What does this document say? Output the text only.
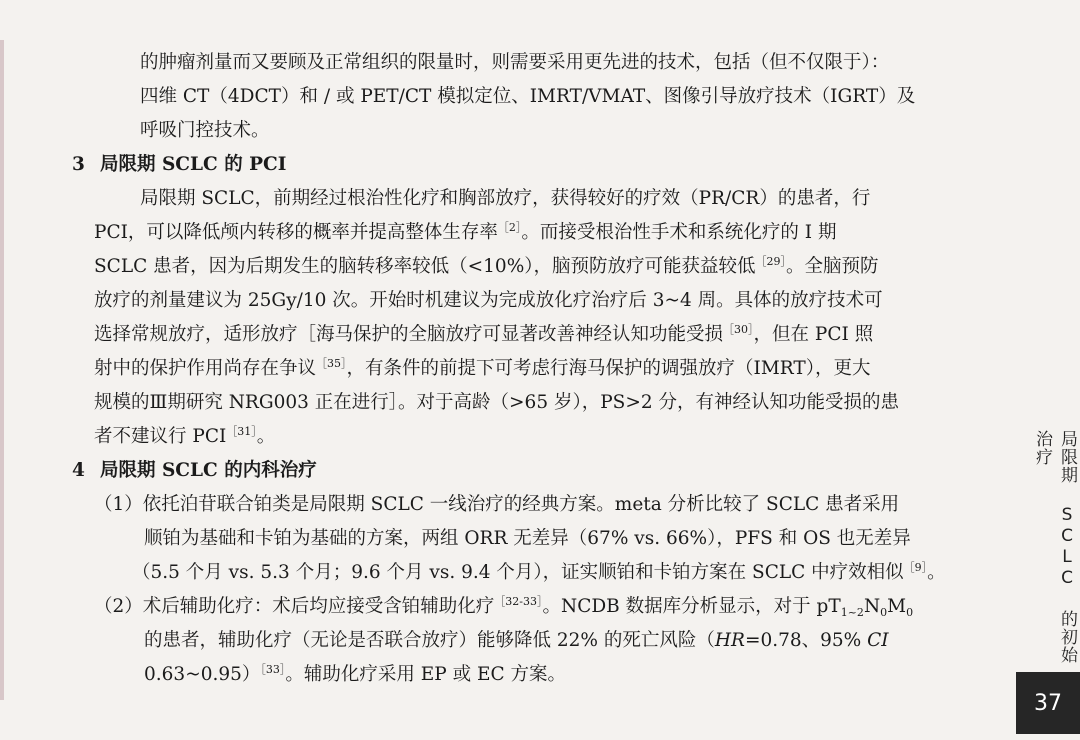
的肿瘤剂量而又要顾及正常组织的限量时，则需要采用更先进的技术，包括（但不仅限于）：
四维 CT（4DCT）和 / 或 PET/CT 模拟定位、IMRT/VMAT、图像引导放疗技术（IGRT）及
呼吸门控技术。
3 局限期 SCLC 的 PCI
局限期 SCLC，前期经过根治性化疗和胸部放疗，获得较好的疗效（PR/CR）的患者，行
PCI，可以降低颅内转移的概率并提高整体生存率$^{[2]}$。而接受根治性手术和系统化疗的 Ⅰ 期
SCLC 患者，因为后期发生的脑转移率较低（<10%），脑预防放疗可能获益较低$^{[29]}$。全脑预防
放疗的剂量建议为 25Gy/10 次。开始时机建议为完成放化疗治疗后 3~4 周。具体的放疗技术可
选择常规放疗，适形放疗［海马保护的全脑放疗可显著改善神经认知功能受损$^{[30]}$，但在 PCI 照
射中的保护作用尚存在争议$^{[35]}$，有条件的前提下可考虑行海马保护的调强放疗（IMRT），更大
规模的Ⅲ期研究 NRG003 正在进行］。对于高龄（>65 岁），PS>2 分，有神经认知功能受损的患
者不建议行 $PCI^{[31]}$。
4 局限期 SCLC 的内科治疗
（1）依托泊苷联合铂类是局限期 SCLC 一线治疗的经典方案。meta 分析比较了 SCLC 患者采用
顺铂为基础和卡铂为基础的方案，两组 ORR 无差异（67% vs. 66%），PFS 和 OS 也无差异
（5.5 个月 vs. 5.3 个月；9.6 个月 vs. 9.4 个月），证实顺铂和卡铂方案在 SCLC 中疗效相似$^{[9]}$。
（2）术后辅助化疗：术后均应接受含铂辅助化疗$^{[32-33]}$。NCDB 数据库分析显示，对于 $pT_{1\sim 2}N_0M_0$
的患者，辅助化疗（无论是否联合放疗）能够降低 22% 的死亡风险（HR=0.78、95% CI
0.63~0.95）$^{[33]}$。辅助化疗采用 EP 或 EC 方案。
局限期 SCLC 的初始治疗
37
